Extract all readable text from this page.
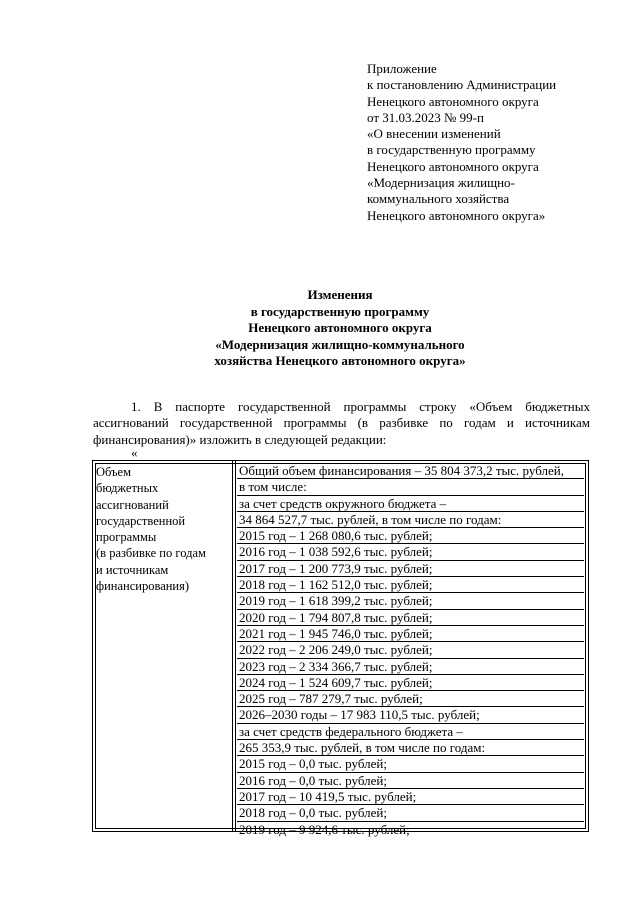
Приложение
к постановлению Администрации
Ненецкого автономного округа
от 31.03.2023 № 99-п
«О внесении изменений
в государственную программу
Ненецкого автономного округа
«Модернизация жилищно-
коммунального хозяйства
Ненецкого автономного округа»
Изменения
в государственную программу
Ненецкого автономного округа
«Модернизация жилищно-коммунального
хозяйства Ненецкого автономного округа»
1. В паспорте государственной программы строку «Объем бюджетных ассигнований государственной программы (в разбивке по годам и источникам финансирования)» изложить в следующей редакции:
«
Объем
бюджетных
ассигнований
государственной
программы
(в разбивке по годам
и источникам
финансирования)
Общий объем финансирования – 35 804 373,2 тыс. рублей,
в том числе:
за счет средств окружного бюджета –
34 864 527,7 тыс. рублей, в том числе по годам:
2015 год – 1 268 080,6 тыс. рублей;
2016 год – 1 038 592,6 тыс. рублей;
2017 год – 1 200 773,9 тыс. рублей;
2018 год – 1 162 512,0 тыс. рублей;
2019 год – 1 618 399,2 тыс. рублей;
2020 год – 1 794 807,8 тыс. рублей;
2021 год – 1 945 746,0 тыс. рублей;
2022 год – 2 206 249,0 тыс. рублей;
2023 год – 2 334 366,7 тыс. рублей;
2024 год – 1 524 609,7 тыс. рублей;
2025 год – 787 279,7 тыс. рублей;
2026–2030 годы – 17 983 110,5 тыс. рублей;
за счет средств федерального бюджета –
265 353,9 тыс. рублей, в том числе по годам:
2015 год – 0,0 тыс. рублей;
2016 год – 0,0 тыс. рублей;
2017 год – 10 419,5 тыс. рублей;
2018 год – 0,0 тыс. рублей;
2019 год – 9 924,6 тыс. рублей;
